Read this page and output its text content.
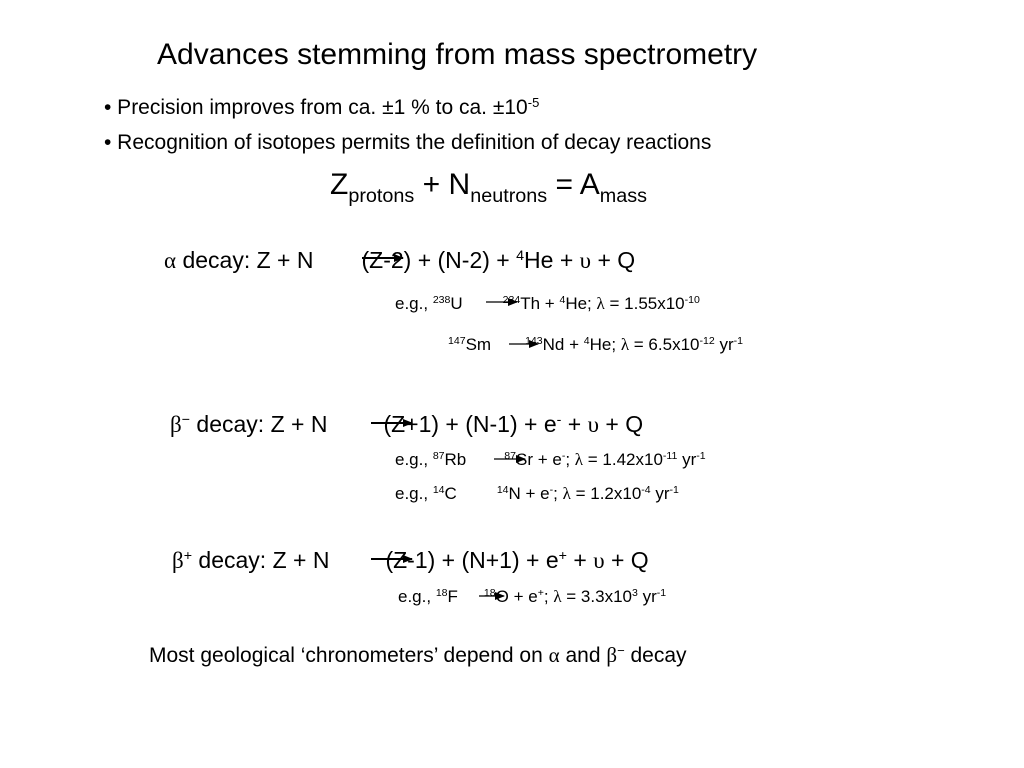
Advances stemming from mass spectrometry
• Precision improves from ca. ±1 % to ca. $\pm 10^{-5}$
• Recognition of isotopes permits the definition of decay reactions
$Z_{protons} + N_{neutrons} = A_{mass}$
α decay: Z + N (Z-2) + (N-2) + $^4$He + υ + Q
e.g., $^{238}$U	$^{234}$Th + $^4$He; $\lambda = 1.55x10^{-10}$
$^{147}$Sm	$^{143}$Nd + $^4$He; $\lambda = 6.5x10^{-12}$ $yr^{-1}$
β− decay: Z + N (Z+1) + (N-1) + e- + υ + Q
e.g., $^{87}$Rb	$^{87}$Sr + e-; $\lambda = 1.42x10^{-11}$ $yr^{-1}$
e.g., $^{14}$C	$^{14}$N + e-; $\lambda = 1.2x10^{-4}$ $yr^{-1}$
β+ decay: Z + N (Z-1) + (N+1) + e+ + υ + Q
e.g., $^{18}$F $^{18}$O + e+; $\lambda = 3.3x10^3$ $yr^{-1}$
Most geological ‘chronometers’ depend on α and β− decay
